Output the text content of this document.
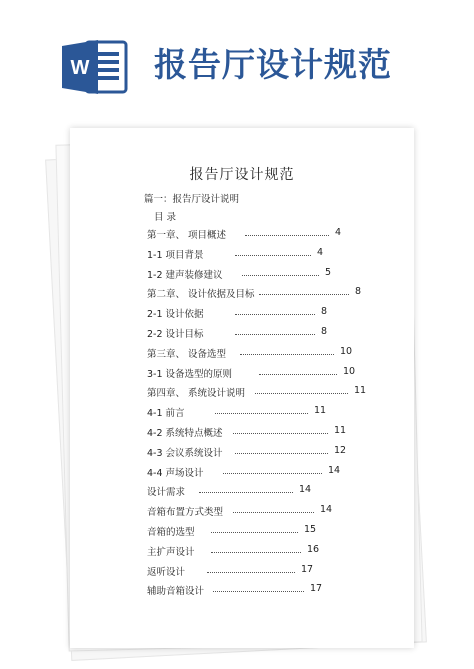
W 报告厅设计规范
报告厅设计规范
篇一：报告厅设计说明
目 录
第一章、 项目概述	4
1-1 项目背景	4
1-2 建声装修建议	5
第二章、 设计依据及目标	8
2-1 设计依据	8
2-2 设计目标	8
第三章、 设备选型	10
3-1 设备选型的原则	10
第四章、 系统设计说明	11
4-1 前言	11
4-2 系统特点概述	11
4-3 会议系统设计	12
4-4 声场设计	14
设计需求	14
音箱布置方式类型	14
音箱的选型	15
主扩声设计	16
返听设计	17
辅助音箱设计	17
